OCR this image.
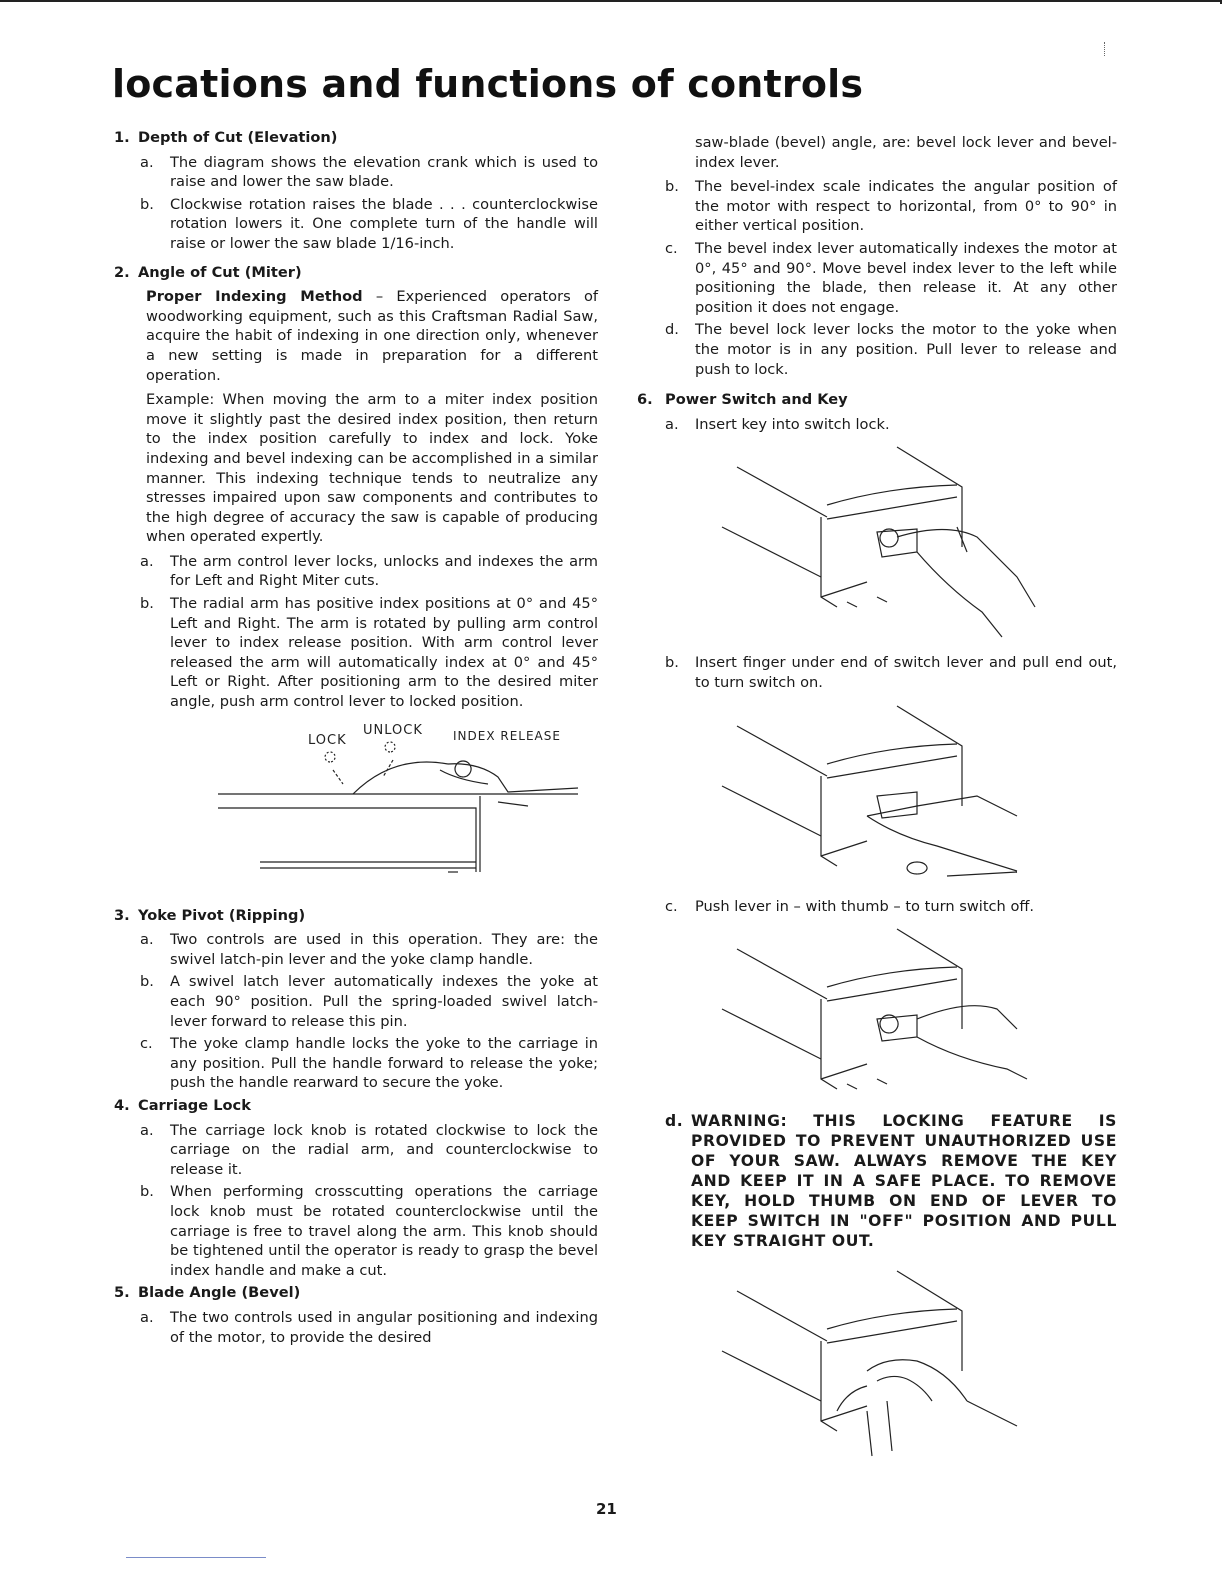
locations and functions of controls
1. Depth of Cut (Elevation)
a.	The diagram shows the elevation crank which is used to raise and lower the saw blade.
b.	Clockwise rotation raises the blade . . . counterclockwise rotation lowers it. One complete turn of the handle will raise or lower the saw blade 1/16-inch.
2. Angle of Cut (Miter)
Proper Indexing Method – Experienced operators of woodworking equipment, such as this Craftsman Radial Saw, acquire the habit of indexing in one direction only, whenever a new setting is made in preparation for a different operation.
Example: When moving the arm to a miter index position move it slightly past the desired index position, then return to the index position carefully to index and lock. Yoke indexing and bevel indexing can be accomplished in a similar manner. This indexing technique tends to neutralize any stresses impaired upon saw components and contributes to the high degree of accuracy the saw is capable of producing when operated expertly.
a.	The arm control lever locks, unlocks and indexes the arm for Left and Right Miter cuts.
b.	The radial arm has positive index positions at 0° and 45° Left and Right. The arm is rotated by pulling arm control lever to index release position. With arm control lever released the arm will automatically index at 0° and 45° Left or Right. After positioning arm to the desired miter angle, push arm control lever to locked position.
LOCK
UNLOCK	INDEX RELEASE
3. Yoke Pivot (Ripping)
a.	Two controls are used in this operation. They are: the swivel latch-pin lever and the yoke clamp handle.
b.	A swivel latch lever automatically indexes the yoke at each 90° position. Pull the spring-loaded swivel latch-lever forward to release this pin.
c.	The yoke clamp handle locks the yoke to the carriage in any position. Pull the handle forward to release the yoke; push the handle rearward to secure the yoke.
4. Carriage Lock
a.	The carriage lock knob is rotated clockwise to lock the carriage on the radial arm, and counterclockwise to release it.
b.	When performing crosscutting operations the carriage lock knob must be rotated counterclockwise until the carriage is free to travel along the arm. This knob should be tightened until the operator is ready to grasp the bevel index handle and make a cut.
5. Blade Angle (Bevel)
a.	The two controls used in angular positioning and indexing of the motor, to provide the desired
saw-blade (bevel) angle, are: bevel lock lever and bevel-index lever.
b.	The bevel-index scale indicates the angular position of the motor with respect to horizontal, from 0° to 90° in either vertical position.
c.	The bevel index lever automatically indexes the motor at 0°, 45° and 90°. Move bevel index lever to the left while positioning the blade, then release it. At any other position it does not engage.
d.	The bevel lock lever locks the motor to the yoke when the motor is in any position. Pull lever to release and push to lock.
6. Power Switch and Key
a.	Insert key into switch lock.
b.	Insert finger under end of switch lever and pull end out, to turn switch on.
c.	Push lever in – with thumb – to turn switch off.
d. WARNING: THIS LOCKING FEATURE IS PROVIDED TO PREVENT UNAUTHORIZED USE OF YOUR SAW. ALWAYS REMOVE THE KEY AND KEEP IT IN A SAFE PLACE. TO REMOVE KEY, HOLD THUMB ON END OF LEVER TO KEEP SWITCH IN "OFF" POSITION AND PULL KEY STRAIGHT OUT.
21
